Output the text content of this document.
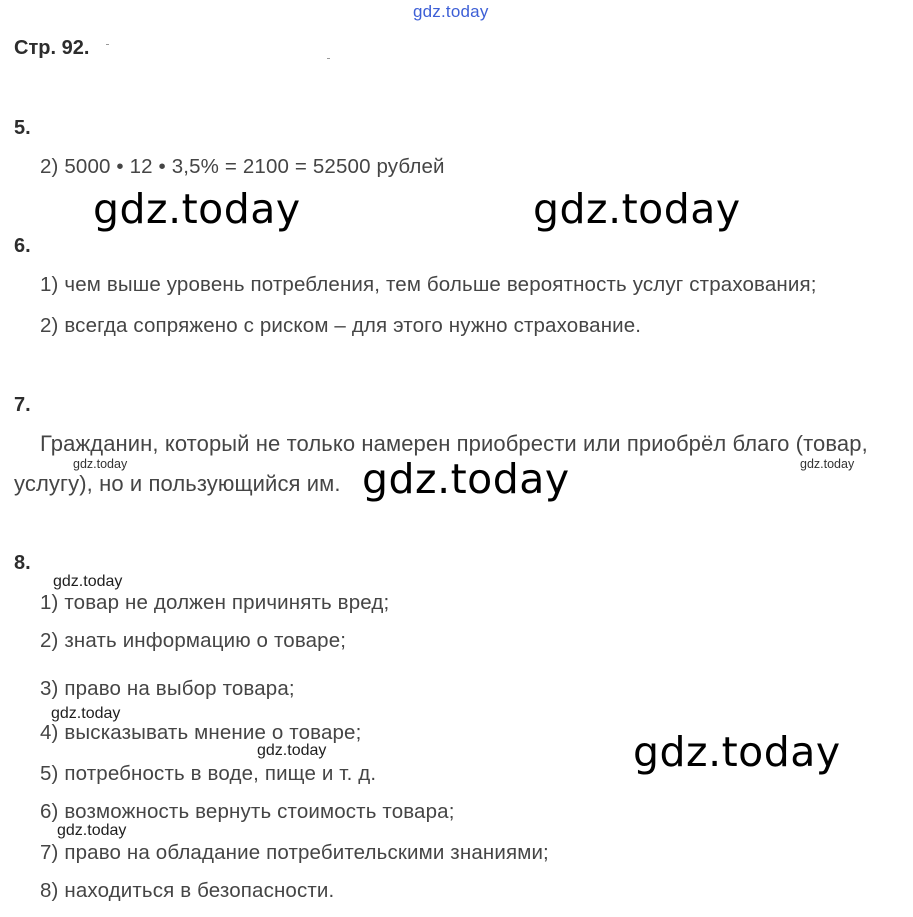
gdz.today
Стр. 92.
5.
2) 5000 • 12 • 3,5% = 2100 = 52500 рублей
gdz.today	gdz.today
6.
1) чем выше уровень потребления, тем больше вероятность услуг страхования;
2) всегда сопряжено с риском – для этого нужно страхование.
7.
Гражданин, который не только намерен приобрести или приобрёл благо (товар,
gdz.today	gdz.today
услугу), но и пользующийся им. gdz.today
8.
gdz.today
1) товар не должен причинять вред;
2) знать информацию о товаре;
3) право на выбор товара;
gdz.today
4) высказывать мнение о товаре;
gdz.today	gdz.today
5) потребность в воде, пище и т. д.
6) возможность вернуть стоимость товара;
gdz.today
7) право на обладание потребительскими знаниями;
8) находиться в безопасности.
